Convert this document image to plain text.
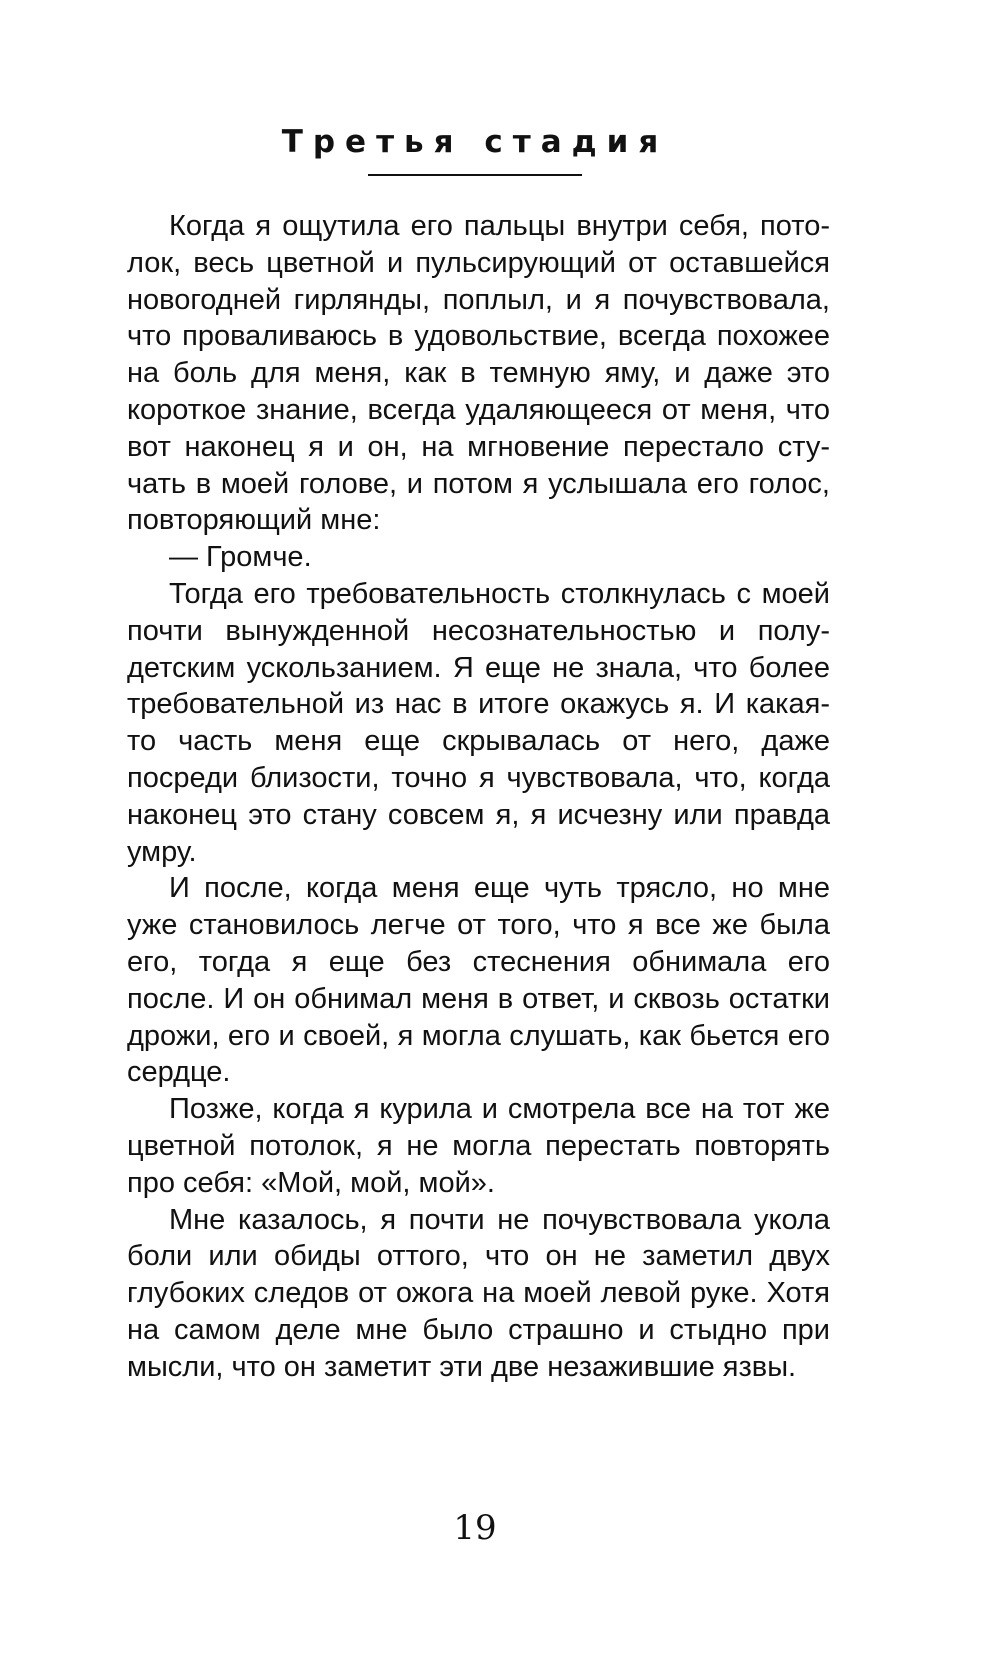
Третья стадия

Когда я ощутила его пальцы внутри себя, потолок, весь цветной и пульсирующий от оставшейся новогодней гирлянды, поплыл, и я почувствовала, что проваливаюсь в удовольствие, всегда похожее на боль для меня, как в темную яму, и даже это короткое знание, всегда удаляющееся от меня, что вот наконец я и он, на мгновение перестало стучать в моей голове, и потом я услышала его голос, повторяющий мне:

— Громче.

Тогда его требовательность столкнулась с моей почти вынужденной несознательностью и полудетским ускользанием. Я еще не знала, что более требовательной из нас в итоге окажусь я. И какая-то часть меня еще скрывалась от него, даже посреди близости, точно я чувствовала, что, когда наконец это стану совсем я, я исчезну или правда умру.

И после, когда меня еще чуть трясло, но мне уже становилось легче от того, что я все же была его, тогда я еще без стеснения обнимала его после. И он обнимал меня в ответ, и сквозь остатки дрожи, его и своей, я могла слушать, как бьется его сердце.

Позже, когда я курила и смотрела все на тот же цветной потолок, я не могла перестать повторять про себя: «Мой, мой, мой».

Мне казалось, я почти не почувствовала укола боли или обиды оттого, что он не заметил двух глубоких следов от ожога на моей левой руке. Хотя на самом деле мне было страшно и стыдно при мысли, что он заметит эти две незажившие язвы.

19
